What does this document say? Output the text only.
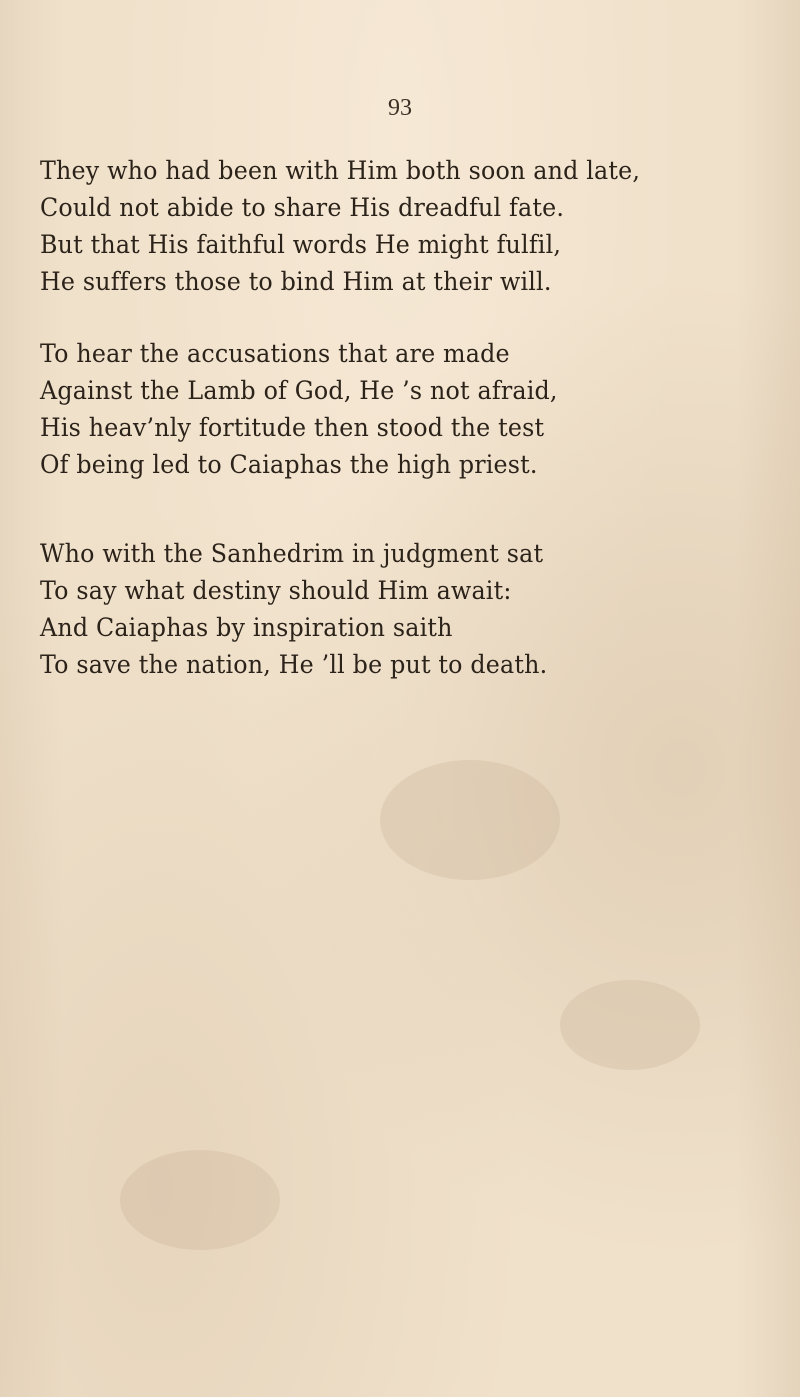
93
They who had been with Him both soon and late,
Could not abide to share His dreadful fate.
But that His faithful words He might fulfil,
He suffers those to bind Him at their will.
To hear the accusations that are made
Against the Lamb of God, He ’s not afraid,
His heav’nly fortitude then stood the test
Of being led to Caiaphas the high priest.
Who with the Sanhedrim in judgment sat
To say what destiny should Him await:
And Caiaphas by inspiration saith
To save the nation, He ’ll be put to death.
